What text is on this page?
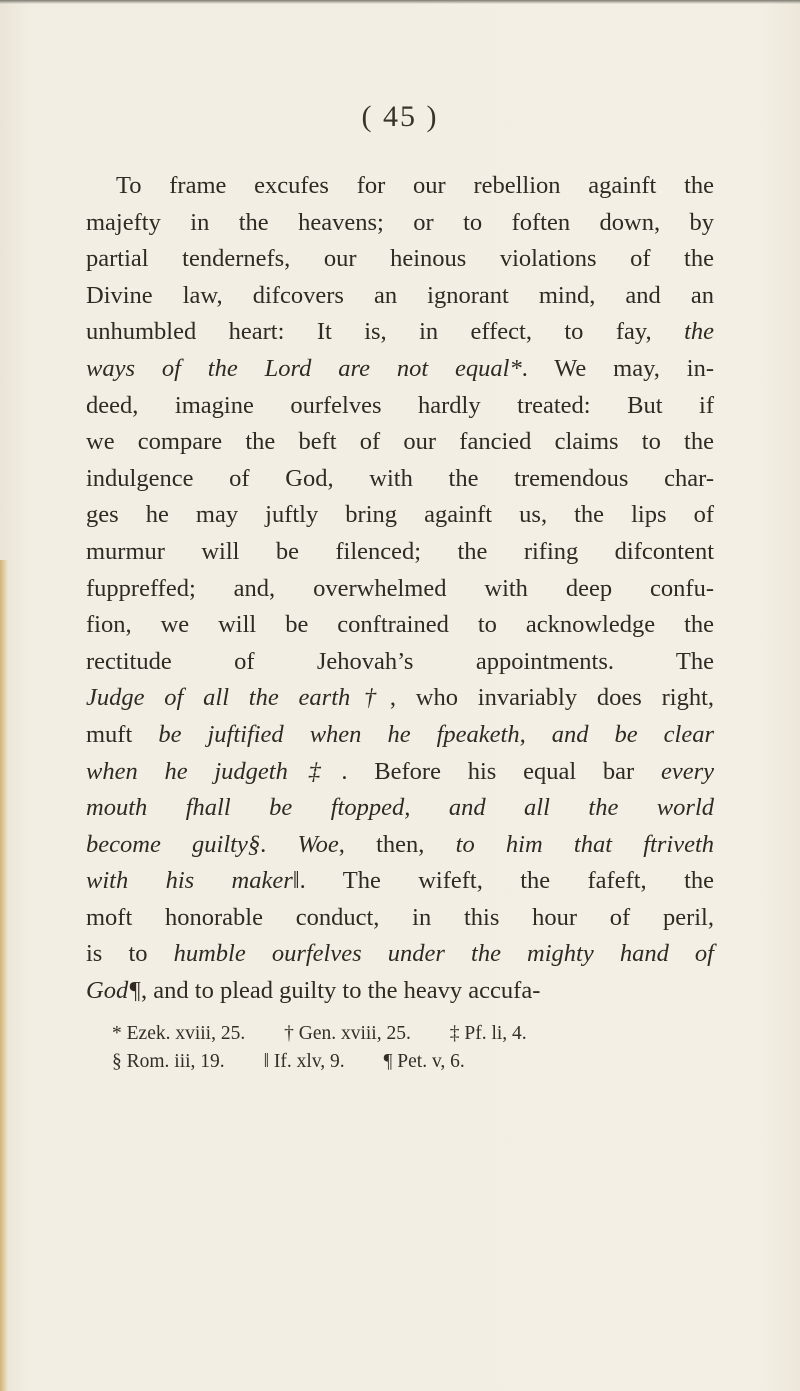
( 45 )
To frame excufes for our rebellion againft the
majefty in the heavens; or to foften down, by
partial tendernefs, our heinous violations of the
Divine law, difcovers an ignorant mind, and an
unhumbled heart: It is, in effect, to fay, the
ways of the Lord are not equal*. We may, in-
deed, imagine ourfelves hardly treated: But if
we compare the beft of our fancied claims to the
indulgence of God, with the tremendous char-
ges he may juftly bring againft us, the lips of
murmur will be filenced; the rifing difcontent
fuppreffed; and, overwhelmed with deep confu-
fion, we will be conftrained to acknowledge the
rectitude of Jehovah’s appointments. The
Judge of all the earth†, who invariably does right,
muft be juftified when he fpeaketh, and be clear
when he judgeth‡. Before his equal bar every
mouth fhall be ftopped, and all the world
become guilty§. Woe, then, to him that ftriveth
with his maker‖. The wifeft, the fafeft, the
moft honorable conduct, in this hour of peril,
is to humble ourfelves under the mighty hand of
God¶, and to plead guilty to the heavy accufa-
* Ezek. xviii, 25. † Gen. xviii, 25. ‡ Pf. li, 4.
§ Rom. iii, 19. ‖ If. xlv, 9. ¶ Pet. v, 6.
